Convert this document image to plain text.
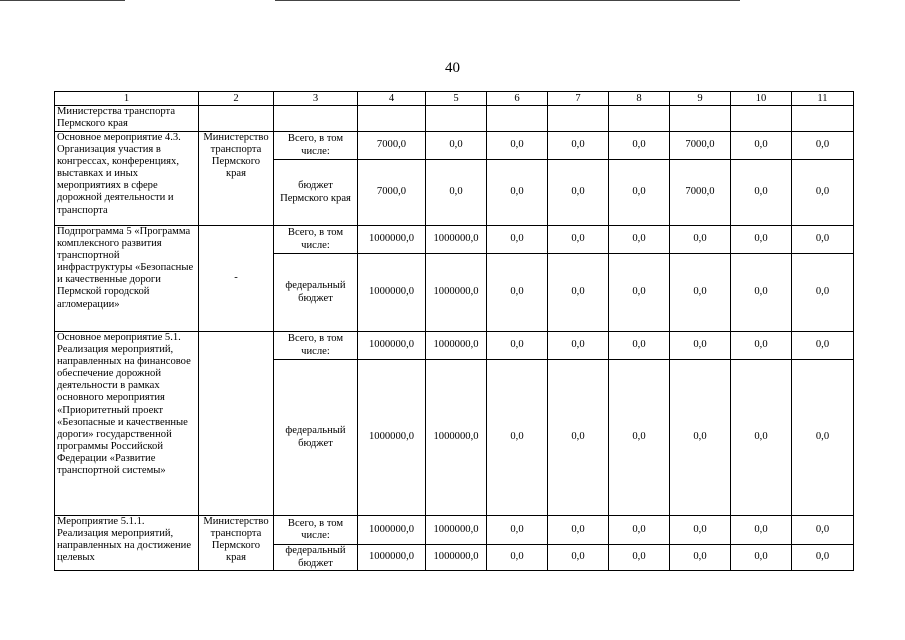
40
1	2	3	4	5	6	7	8	9	10	11
Министерства транспорта Пермского края										
Основное мероприятие 4.3. Организация участия в конгрессах, конференциях, выставках и иных мероприятиях в сфере дорожной деятельности и транспорта	Министерство транспорта Пермского края	Всего, в том числе:	7000,0	0,0	0,0	0,0	0,0	7000,0	0,0	0,0
		бюджет Пермского края	7000,0	0,0	0,0	0,0	0,0	7000,0	0,0	0,0
Подпрограмма 5 «Программа комплексного развития транспортной инфраструктуры «Безопасные и качественные дороги Пермской городской агломерации»	-	Всего, в том числе:	1000000,0	1000000,0	0,0	0,0	0,0	0,0	0,0	0,0
		федеральный бюджет	1000000,0	1000000,0	0,0	0,0	0,0	0,0	0,0	0,0
Основное мероприятие 5.1. Реализация мероприятий, направленных на финансовое обеспечение дорожной деятельности в рамках основного мероприятия «Приоритетный проект «Безопасные и качественные дороги» государственной программы Российской Федерации «Развитие транспортной системы»		Всего, в том числе:	1000000,0	1000000,0	0,0	0,0	0,0	0,0	0,0	0,0
		федеральный бюджет	1000000,0	1000000,0	0,0	0,0	0,0	0,0	0,0	0,0
Мероприятие 5.1.1. Реализация мероприятий, направленных на достижение целевых	Министерство транспорта Пермского края	Всего, в том числе:	1000000,0	1000000,0	0,0	0,0	0,0	0,0	0,0	0,0
		федеральный бюджет	1000000,0	1000000,0	0,0	0,0	0,0	0,0	0,0	0,0
